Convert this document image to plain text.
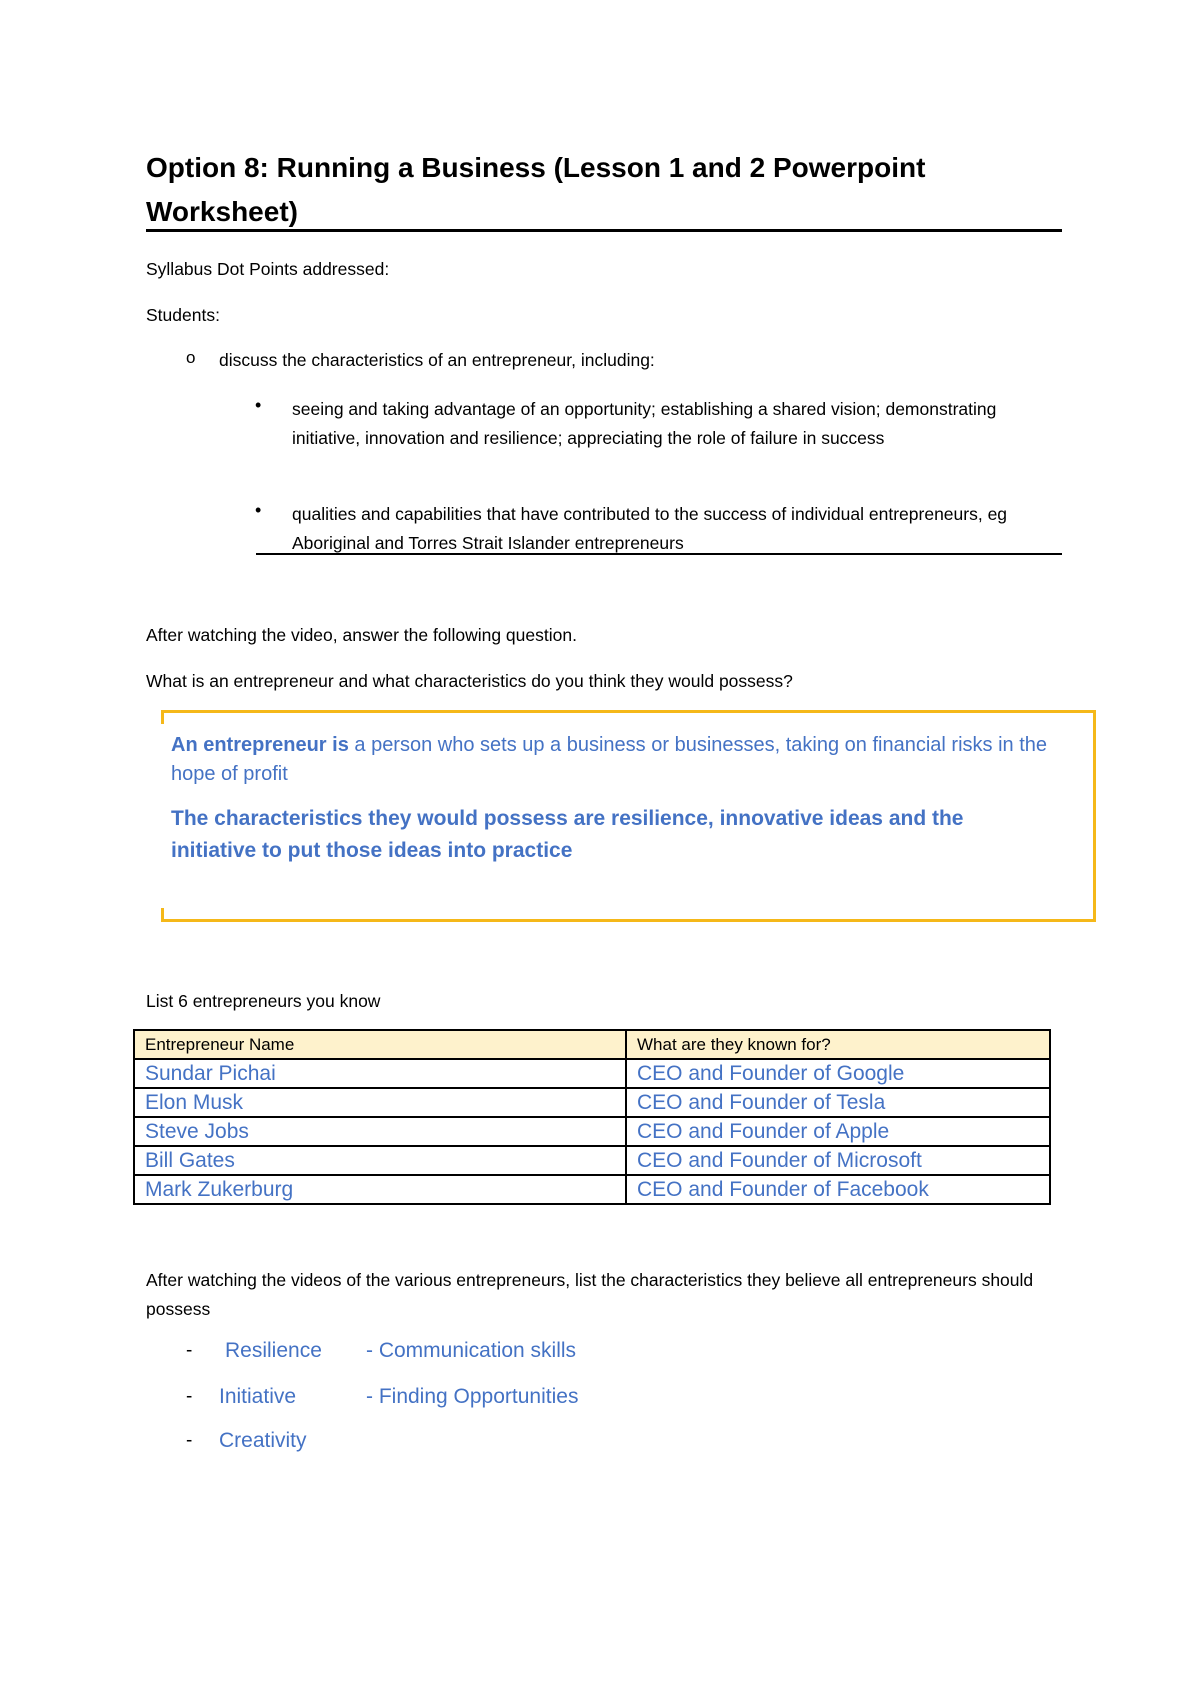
Option 8: Running a Business (Lesson 1 and 2 Powerpoint Worksheet)
Syllabus Dot Points addressed:
Students:
o discuss the characteristics of an entrepreneur, including:
• seeing and taking advantage of an opportunity; establishing a shared vision; demonstrating initiative, innovation and resilience; appreciating the role of failure in success
• qualities and capabilities that have contributed to the success of individual entrepreneurs, eg Aboriginal and Torres Strait Islander entrepreneurs
After watching the video, answer the following question.
What is an entrepreneur and what characteristics do you think they would possess?
An entrepreneur is a person who sets up a business or businesses, taking on financial risks in the hope of profit
The characteristics they would possess are resilience, innovative ideas and the initiative to put those ideas into practice
List 6 entrepreneurs you know
Entrepreneur Name	What are they known for?
Sundar Pichai	CEO and Founder of Google
Elon Musk	CEO and Founder of Tesla
Steve Jobs	CEO and Founder of Apple
Bill Gates	CEO and Founder of Microsoft
Mark Zukerburg	CEO and Founder of Facebook
After watching the videos of the various entrepreneurs, list the characteristics they believe all entrepreneurs should possess
- Resilience - Communication skills
- Initiative	- Finding Opportunities
- Creativity
